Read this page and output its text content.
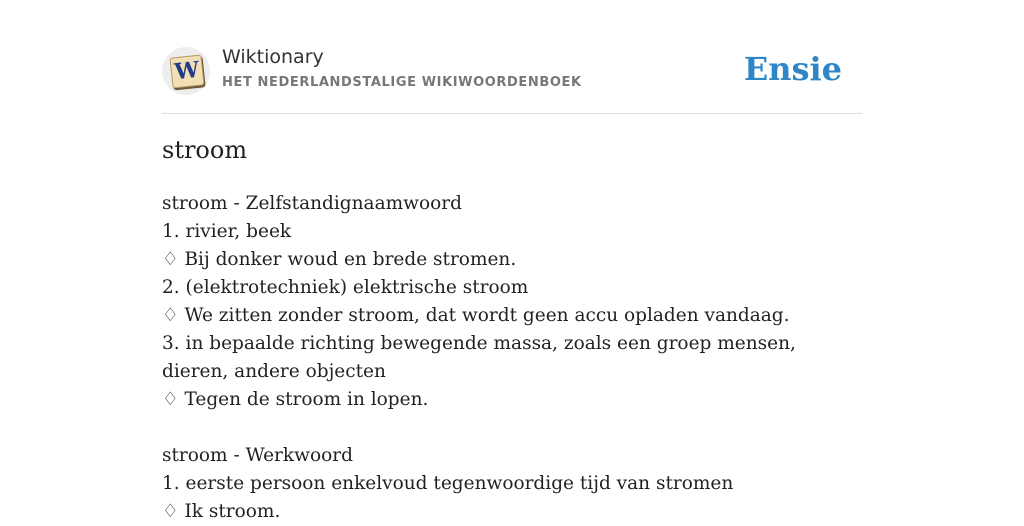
W Wiktionary
HET NEDERLANDSTALIGE WIKIWOORDENBOEK	Ensie
stroom
stroom - Zelfstandignaamwoord
1. rivier, beek
♢ Bij donker woud en brede stromen.
2. (elektrotechniek) elektrische stroom
♢ We zitten zonder stroom, dat wordt geen accu opladen vandaag.
3. in bepaalde richting bewegende massa, zoals een groep mensen, dieren, andere objecten
♢ Tegen de stroom in lopen.
stroom - Werkwoord
1. eerste persoon enkelvoud tegenwoordige tijd van stromen
♢ Ik stroom.
